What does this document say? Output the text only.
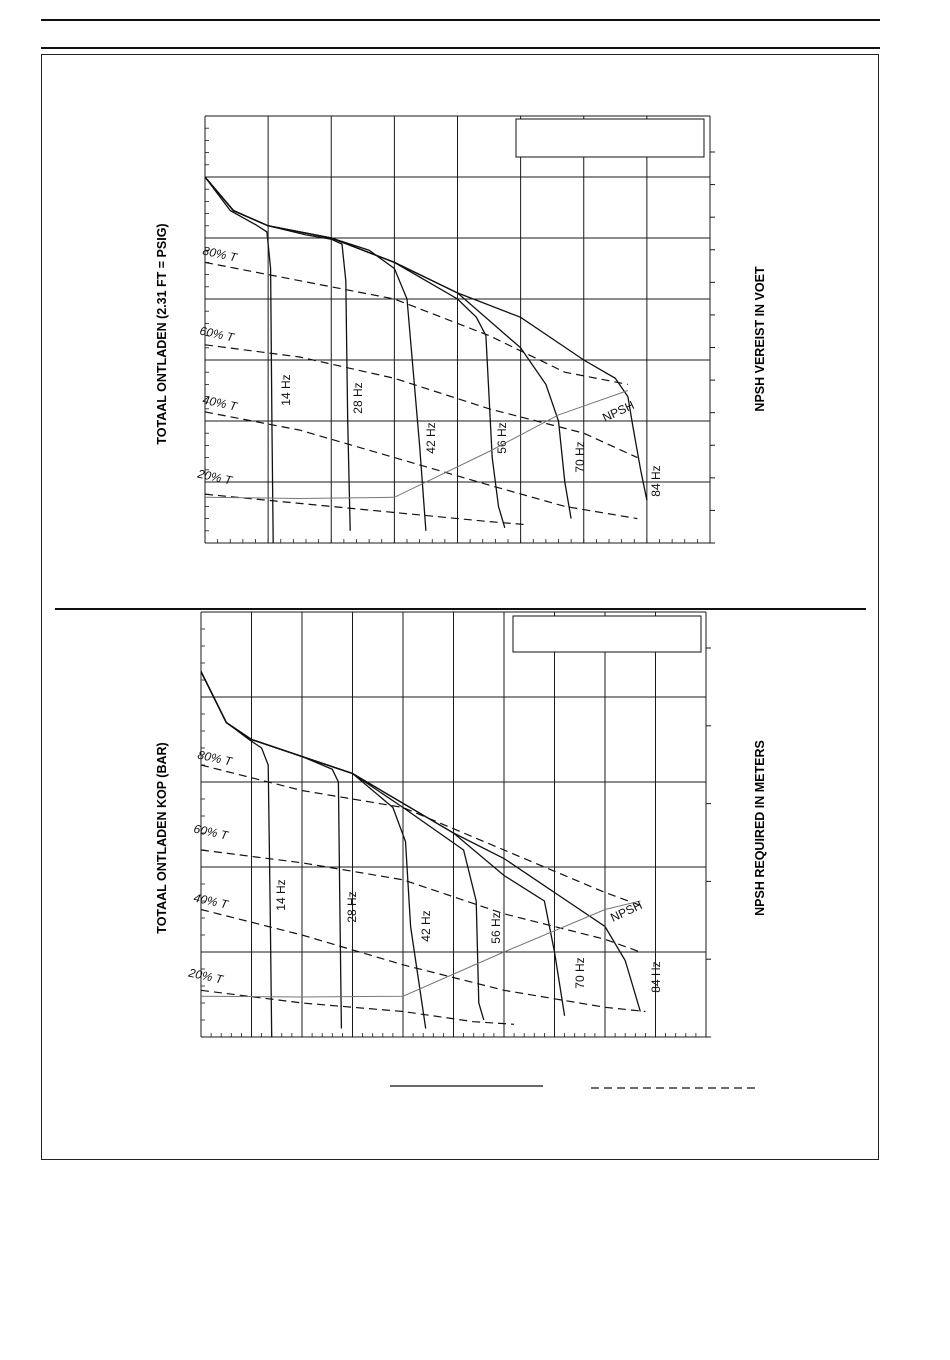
TOTAAL ONTLADEN (2.31 FT = PSIG)	NPSH VEREIST IN VOET
TOTAAL ONTLADEN KOP (BAR)	NPSH REQUIRED IN METERS
14 Hz	28 Hz
42 Hz	56 Hz
70 Hz
84 Hz
80% T
60% T
40% T
20% T
NPSH
14 Hz	28 Hz
42 Hz	56 Hz
70 Hz	84 Hz
80% T
60% T
40% T
20% T
NPSH
